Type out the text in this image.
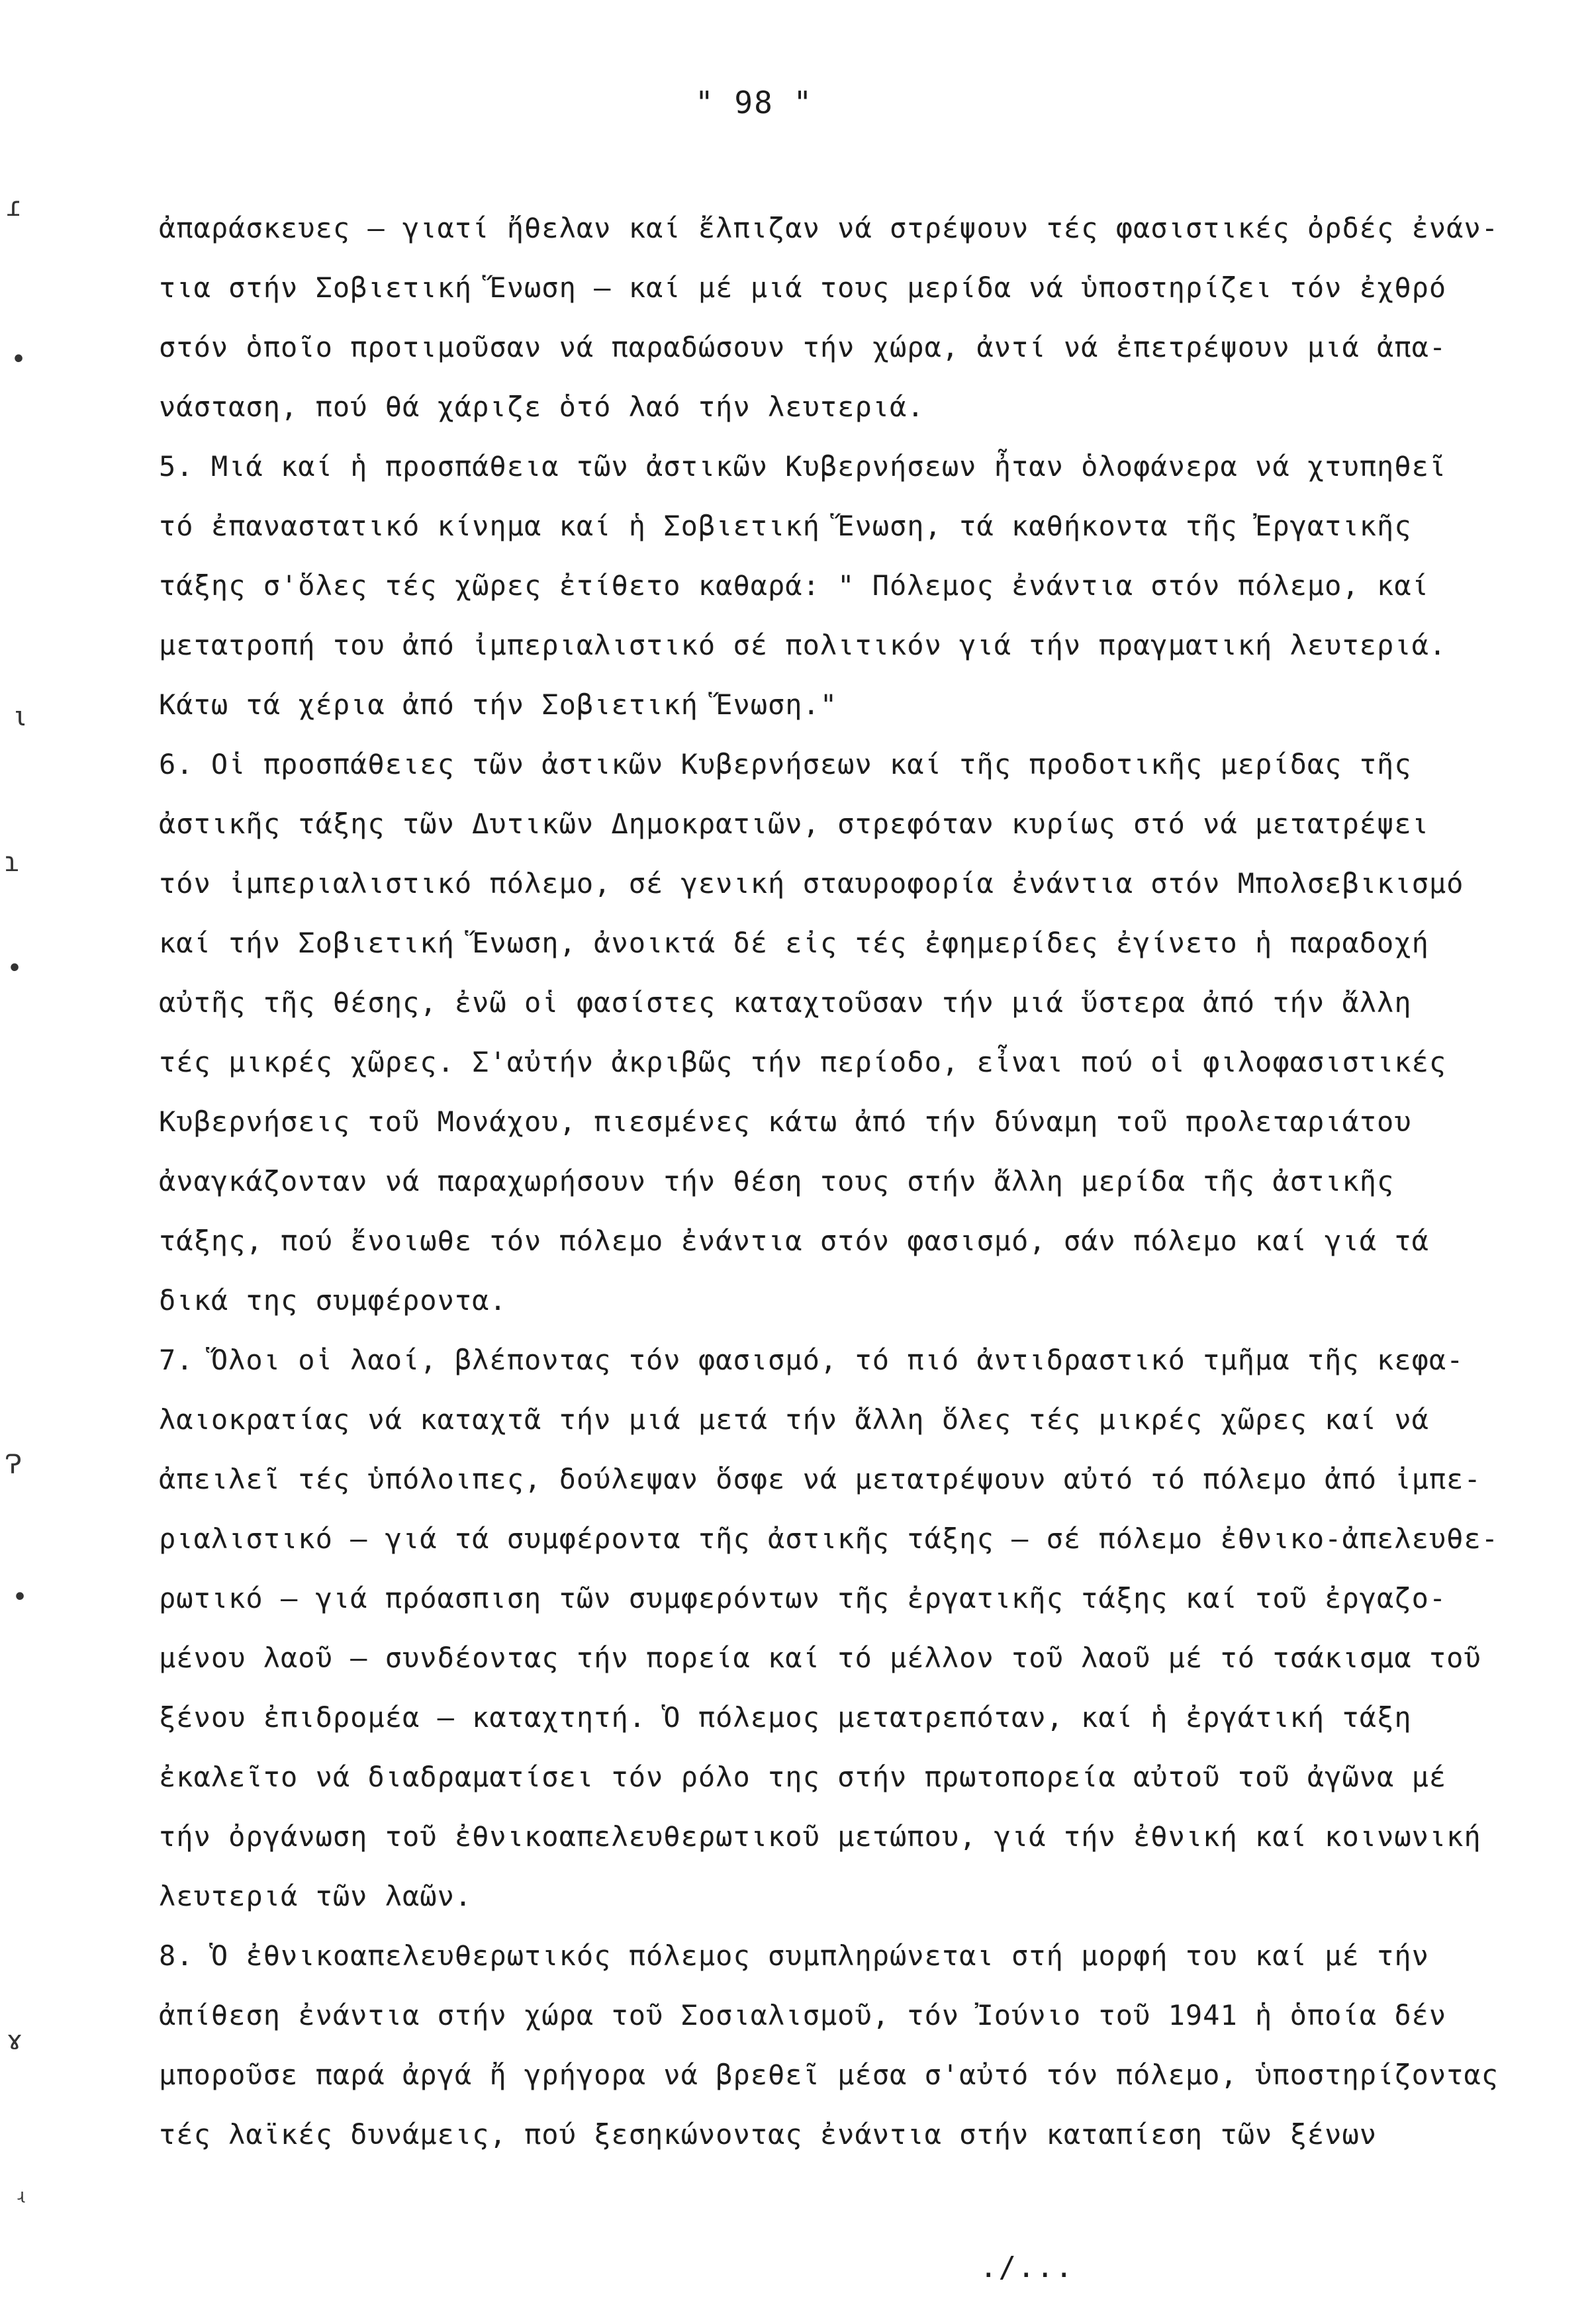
" 98 "
ɾ
•
ι
ɿ
•
Ɂ
•
ɤ
ʵ
ἀπαράσκευες – γιατί ἤθελαν καί ἔλπιζαν νά στρέψουν τές φασιστικές ὀρδές ἐνάν-
τια στήν Σοβιετική Ἕνωση – καί μέ μιά τους μερίδα νά ὑποστηρίζει τόν ἐχθρό
στόν ὁποῖο προτιμοῦσαν νά παραδώσουν τήν χώρα, ἀντί νά ἐπετρέψουν μιά ἀπα-
νάσταση, πού θά χάριζε ὁτό λαό τήν λευτεριά.
5. Μιά καί ἡ προσπάθεια τῶν ἀστικῶν Κυβερνήσεων ἦταν ὁλοφάνερα νά χτυπηθεῖ
τό ἐπαναστατικό κίνημα καί ἡ Σοβιετική Ἕνωση, τά καθήκοντα τῆς Ἐργατικῆς
τάξης σ'ὅλες τές χῶρες ἐτίθετο καθαρά: " Πόλεμος ἐνάντια στόν πόλεμο, καί
μετατροπή του ἀπό ἰμπεριαλιστικό σέ πολιτικόν γιά τήν πραγματική λευτεριά.
Κάτω τά χέρια ἀπό τήν Σοβιετική Ἕνωση."
6. Οἱ προσπάθειες τῶν ἀστικῶν Κυβερνήσεων καί τῆς προδοτικῆς μερίδας τῆς
ἀστικῆς τάξης τῶν Δυτικῶν Δημοκρατιῶν, στρεφόταν κυρίως στό νά μετατρέψει
τόν ἰμπεριαλιστικό πόλεμο, σέ γενική σταυροφορία ἐνάντια στόν Μπολσεβικισμό
καί τήν Σοβιετική Ἕνωση, ἀνοικτά δέ εἰς τές ἐφημερίδες ἐγίνετο ἡ παραδοχή
αὐτῆς τῆς θέσης, ἐνῶ οἱ φασίστες καταχτοῦσαν τήν μιά ὕστερα ἀπό τήν ἄλλη
τές μικρές χῶρες. Σ'αὐτήν ἀκριβῶς τήν περίοδο, εἶναι πού οἱ φιλοφασιστικές
Κυβερνήσεις τοῦ Μονάχου, πιεσμένες κάτω ἀπό τήν δύναμη τοῦ προλεταριάτου
ἀναγκάζονταν νά παραχωρήσουν τήν θέση τους στήν ἄλλη μερίδα τῆς ἀστικῆς
τάξης, πού ἔνοιωθε τόν πόλεμο ἐνάντια στόν φασισμό, σάν πόλεμο καί γιά τά
δικά της συμφέροντα.
7. Ὅλοι οἱ λαοί, βλέποντας τόν φασισμό, τό πιό ἀντιδραστικό τμῆμα τῆς κεφα-
λαιοκρατίας νά καταχτᾶ τήν μιά μετά τήν ἄλλη ὅλες τές μικρές χῶρες καί νά
ἀπειλεῖ τές ὑπόλοιπες, δούλεψαν ὅσφε νά μετατρέψουν αὐτό τό πόλεμο ἀπό ἰμπε-
ριαλιστικό – γιά τά συμφέροντα τῆς ἀστικῆς τάξης – σέ πόλεμο ἐθνικο-ἀπελευθε-
ρωτικό – γιά πρόασπιση τῶν συμφερόντων τῆς ἐργατικῆς τάξης καί τοῦ ἐργαζο-
μένου λαοῦ – συνδέοντας τήν πορεία καί τό μέλλον τοῦ λαοῦ μέ τό τσάκισμα τοῦ
ξένου ἐπιδρομέα – καταχτητή. Ὁ πόλεμος μετατρεπόταν, καί ἡ ἐργάτική τάξη
ἐκαλεῖτο νά διαδραματίσει τόν ρόλο της στήν πρωτοπορεία αὐτοῦ τοῦ ἀγῶνα μέ
τήν ὀργάνωση τοῦ ἐθνικοαπελευθερωτικοῦ μετώπου, γιά τήν ἐθνική καί κοινωνική
λευτεριά τῶν λαῶν.
8. Ὁ ἐθνικοαπελευθερωτικός πόλεμος συμπληρώνεται στή μορφή του καί μέ τήν
ἀπίθεση ἐνάντια στήν χώρα τοῦ Σοσιαλισμοῦ, τόν Ἰούνιο τοῦ 1941 ἡ ὁποία δέν
μποροῦσε παρά ἀργά ἤ γρήγορα νά βρεθεῖ μέσα σ'αὐτό τόν πόλεμο, ὑποστηρίζοντας
τές λαϊκές δυνάμεις, πού ξεσηκώνοντας ἐνάντια στήν καταπίεση τῶν ξένων
./...
